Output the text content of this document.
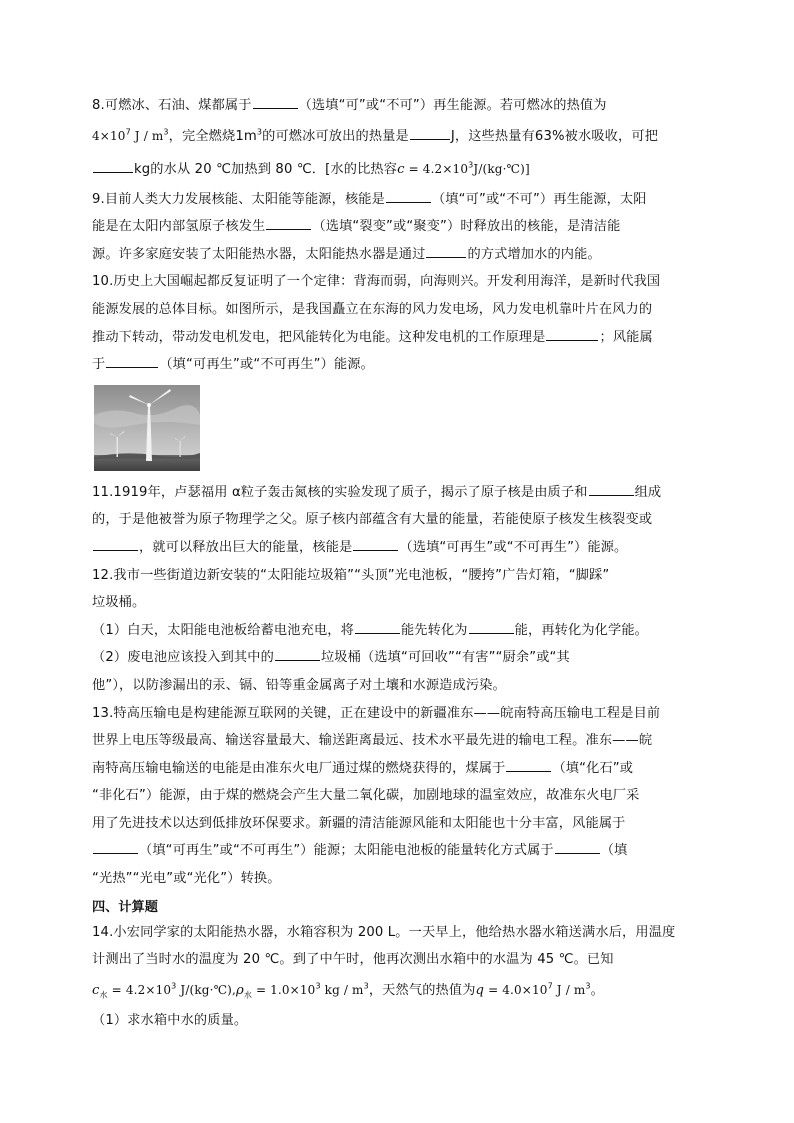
8.可燃冰、石油、煤都属于	（选填“可”或“不可”）再生能源。若可燃冰的热值为
$4\times 10^7$ J / $m^3$，完全燃烧$1m^3$的可燃冰可放出的热量是	J，这些热量有63%被水吸收，可把
kg的水从 20 ℃加热到 80 ℃．[水的比热容$c = 4.2\times 10^3J/(kg\cdot℃)$]
9.目前人类大力发展核能、太阳能等能源，核能是	（填“可”或“不可”）再生能源，太阳
能是在太阳内部氢原子核发生	（选填“裂变”或“聚变”）时释放出的核能，是清洁能
源。许多家庭安装了太阳能热水器，太阳能热水器是通过	的方式增加水的内能。
10.历史上大国崛起都反复证明了一个定律：背海而弱，向海则兴。开发利用海洋，是新时代我国
能源发展的总体目标。如图所示，是我国矗立在东海的风力发电场，风力发电机靠叶片在风力的
推动下转动，带动发电机发电，把风能转化为电能。这种发电机的工作原理是	；风能属
于	（填“可再生”或“不可再生”）能源。
11.1919年，卢瑟福用 α粒子轰击氮核的实验发现了质子，揭示了原子核是由质子和	组成
的，于是他被誉为原子物理学之父。原子核内部蕴含有大量的能量，若能使原子核发生核裂变或
，就可以释放出巨大的能量，核能是	（选填“可再生”或“不可再生”）能源。
12.我市一些街道边新安装的“太阳能垃圾箱”“头顶”光电池板，“腰挎”广告灯箱，“脚踩”
垃圾桶。
（1）白天，太阳能电池板给蓄电池充电，将	能先转化为	能，再转化为化学能。
（2）废电池应该投入到其中的	垃圾桶（选填“可回收”“有害”“厨余”或“其
他”），以防渗漏出的汞、镉、铅等重金属离子对土壤和水源造成污染。
13.特高压输电是构建能源互联网的关键，正在建设中的新疆准东——皖南特高压输电工程是目前
世界上电压等级最高、输送容量最大、输送距离最远、技术水平最先进的输电工程。准东——皖
南特高压输电输送的电能是由准东火电厂通过煤的燃烧获得的，煤属于	（填“化石”或
“非化石”）能源，由于煤的燃烧会产生大量二氧化碳，加剧地球的温室效应，故准东火电厂采
用了先进技术以达到低排放环保要求。新疆的清洁能源风能和太阳能也十分丰富，风能属于
（填“可再生”或“不可再生”）能源；太阳能电池板的能量转化方式属于	（填
“光热”“光电”或“光化”）转换。
四、计算题
14.小宏同学家的太阳能热水器，水箱容积为 200 L。一天早上，他给热水器水箱送满水后，用温度
计测出了当时水的温度为 20 ℃。到了中午时，他再次测出水箱中的水温为 45 ℃。已知
$c_水 = 4.2\times 10^3$ $J/(kg\cdot℃),\rho_水 = 1.0\times 10^3$ kg / $m^3$，天然气的热值为$q = 4.0\times 10^7$ J / $m^3$。
（1）求水箱中水的质量。
